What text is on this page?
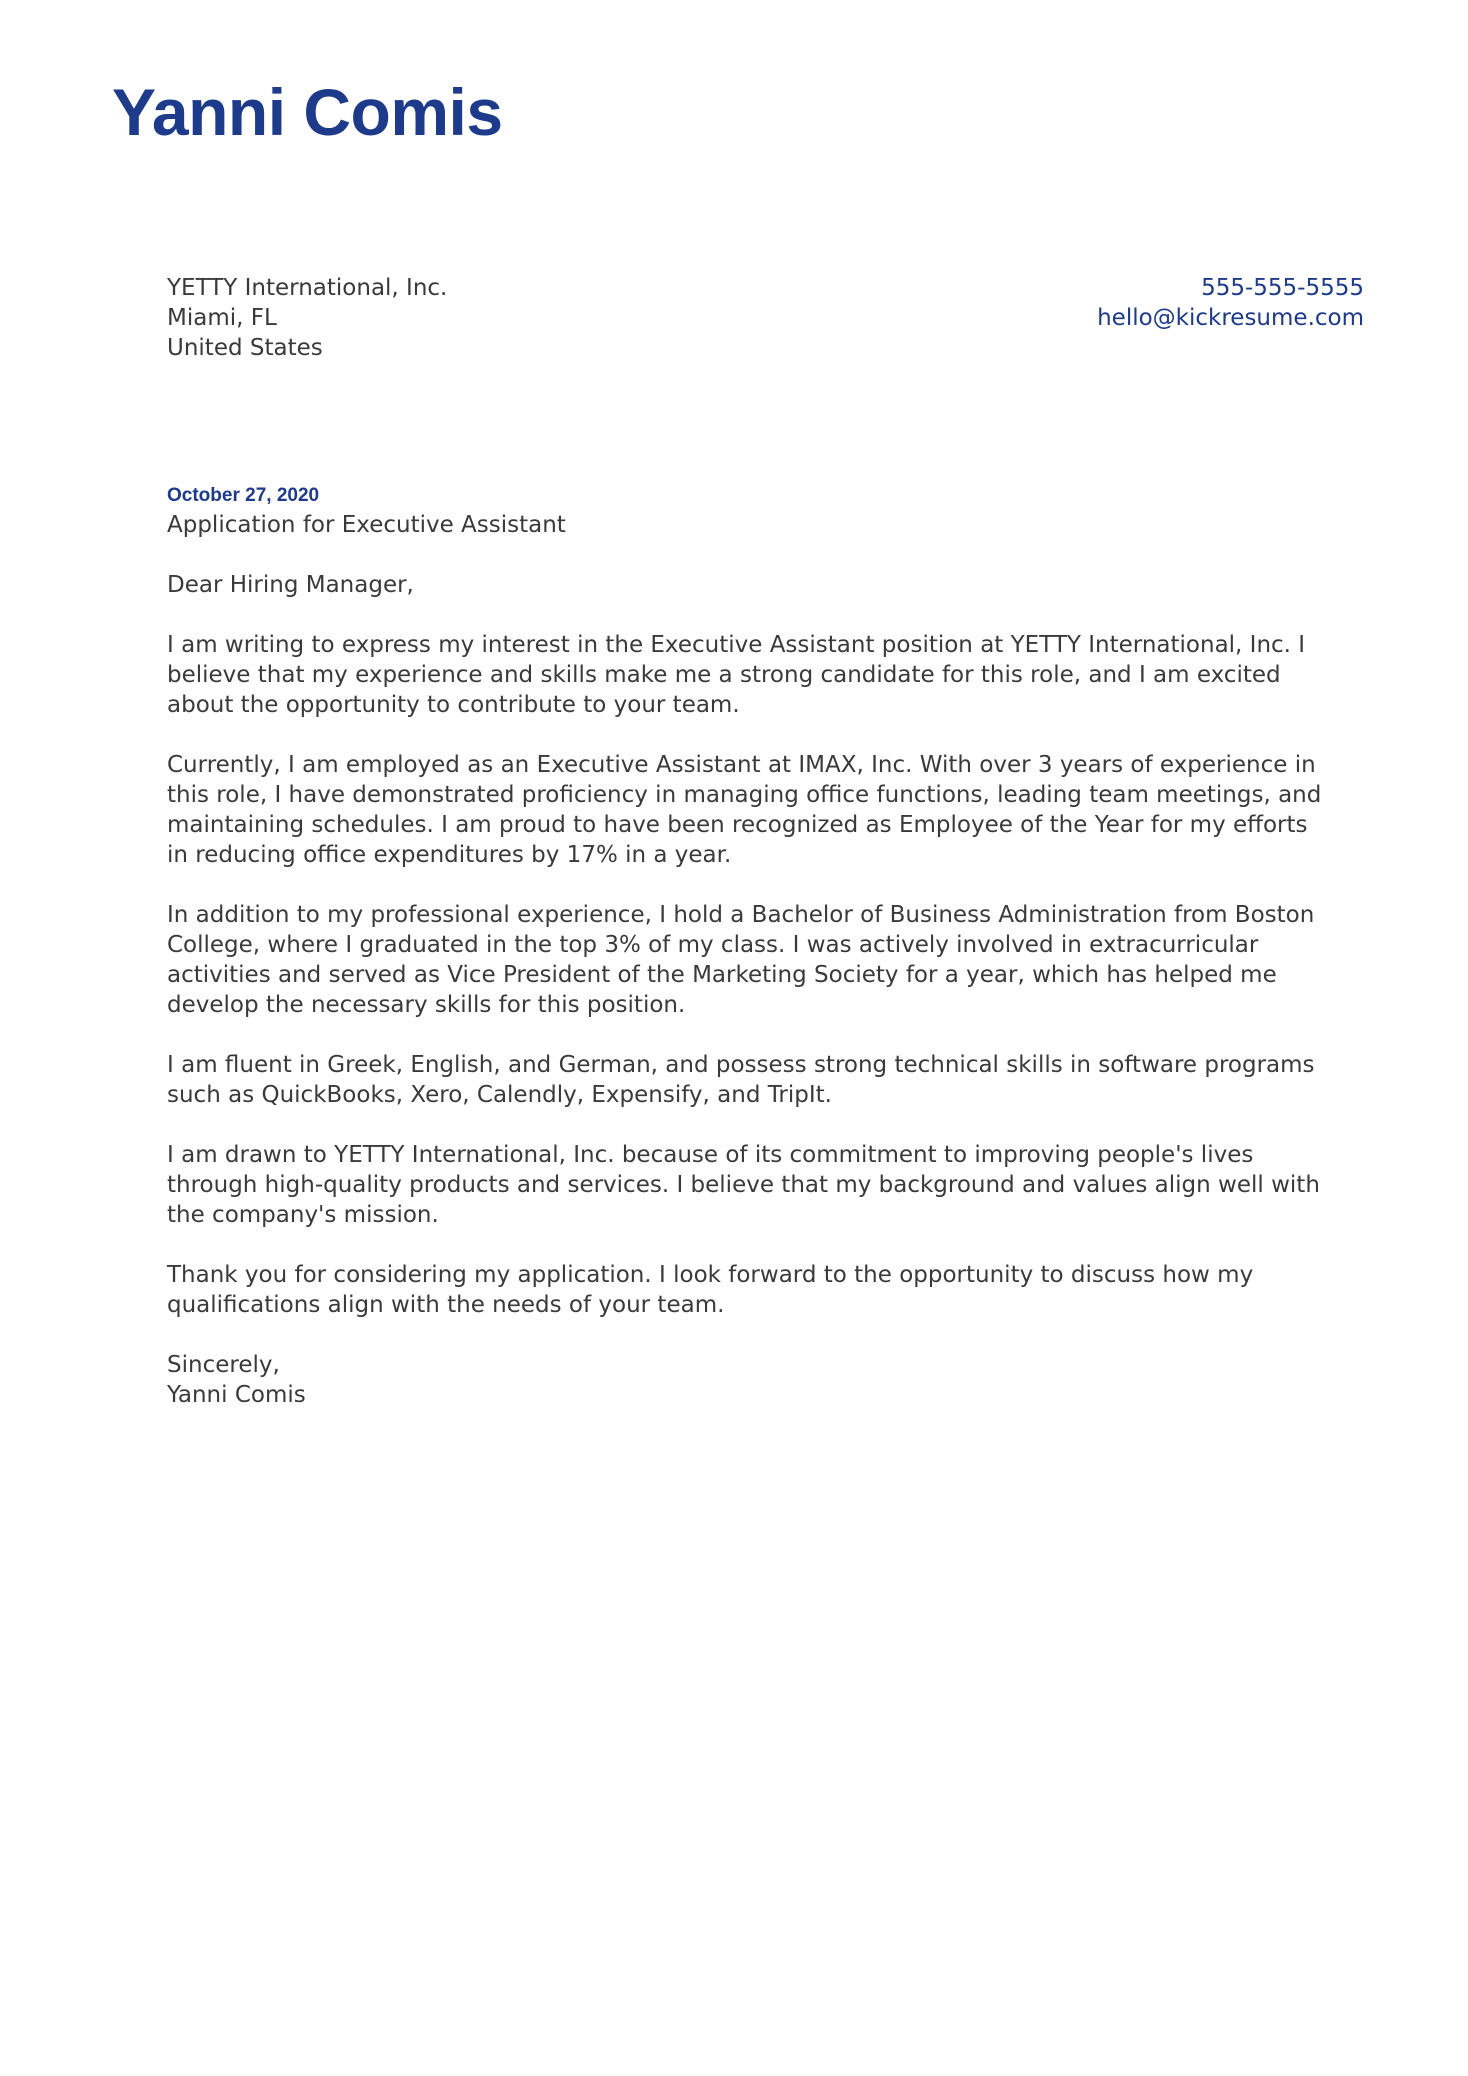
Yanni Comis
YETTY International, Inc.
Miami, FL
United States
555-555-5555
hello@kickresume.com

October 27, 2020

Application for Executive Assistant

Dear Hiring Manager,

I am writing to express my interest in the Executive Assistant position at YETTY International, Inc. I
believe that my experience and skills make me a strong candidate for this role, and I am excited
about the opportunity to contribute to your team.

Currently, I am employed as an Executive Assistant at IMAX, Inc. With over 3 years of experience in
this role, I have demonstrated proficiency in managing office functions, leading team meetings, and
maintaining schedules. I am proud to have been recognized as Employee of the Year for my efforts
in reducing office expenditures by 17% in a year.

In addition to my professional experience, I hold a Bachelor of Business Administration from Boston
College, where I graduated in the top 3% of my class. I was actively involved in extracurricular
activities and served as Vice President of the Marketing Society for a year, which has helped me
develop the necessary skills for this position.

I am fluent in Greek, English, and German, and possess strong technical skills in software programs
such as QuickBooks, Xero, Calendly, Expensify, and TripIt.

I am drawn to YETTY International, Inc. because of its commitment to improving people's lives
through high-quality products and services. I believe that my background and values align well with
the company's mission.

Thank you for considering my application. I look forward to the opportunity to discuss how my
qualifications align with the needs of your team.

Sincerely,

Yanni Comis
